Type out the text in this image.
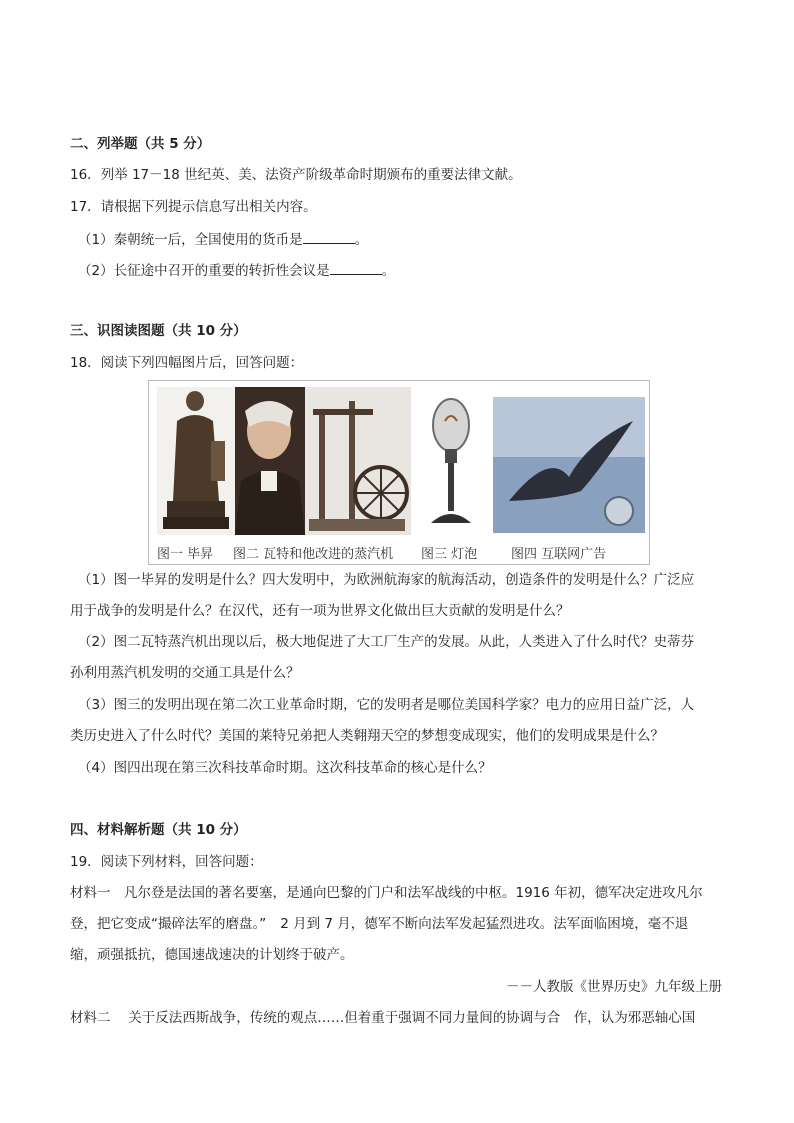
二、列举题（共 5 分）
16．列举 17－18 世纪英、美、法资产阶级革命时期颁布的重要法律文献。
17．请根据下列提示信息写出相关内容。
（1）秦朝统一后，全国使用的货币是	。
（2）长征途中召开的重要的转折性会议是	。
三、识图读图题（共 10 分）
18．阅读下列四幅图片后，回答问题：
图一 毕昇 图二 瓦特和他改进的蒸汽机 图三 灯泡	图四 互联网广告
（1）图一毕昇的发明是什么？四大发明中，为欧洲航海家的航海活动，创造条件的发明是什么？广泛应
用于战争的发明是什么？在汉代，还有一项为世界文化做出巨大贡献的发明是什么？
（2）图二瓦特蒸汽机出现以后，极大地促进了大工厂生产的发展。从此，人类进入了什么时代？史蒂芬
孙利用蒸汽机发明的交通工具是什么？
（3）图三的发明出现在第二次工业革命时期，它的发明者是哪位美国科学家？电力的应用日益广泛，人
类历史进入了什么时代？美国的莱特兄弟把人类翱翔天空的梦想变成现实，他们的发明成果是什么？
（4）图四出现在第三次科技革命时期。这次科技革命的核心是什么？
四、材料解析题（共 10 分）
19．阅读下列材料，回答问题：
材料一　凡尔登是法国的著名要塞，是通向巴黎的门户和法军战线的中枢。1916 年初，德军决定进攻凡尔
登，把它变成“撮碎法军的磨盘。” 2 月到 7 月，德军不断向法军发起猛烈进攻。法军面临困境，毫不退
缩，顽强抵抗，德国速战速决的计划终于破产。
－－人教版《世界历史》九年级上册
材料二　 关于反法西斯战争，传统的观点……但着重于强调不同力量间的协调与合　作，认为邪恶轴心国
